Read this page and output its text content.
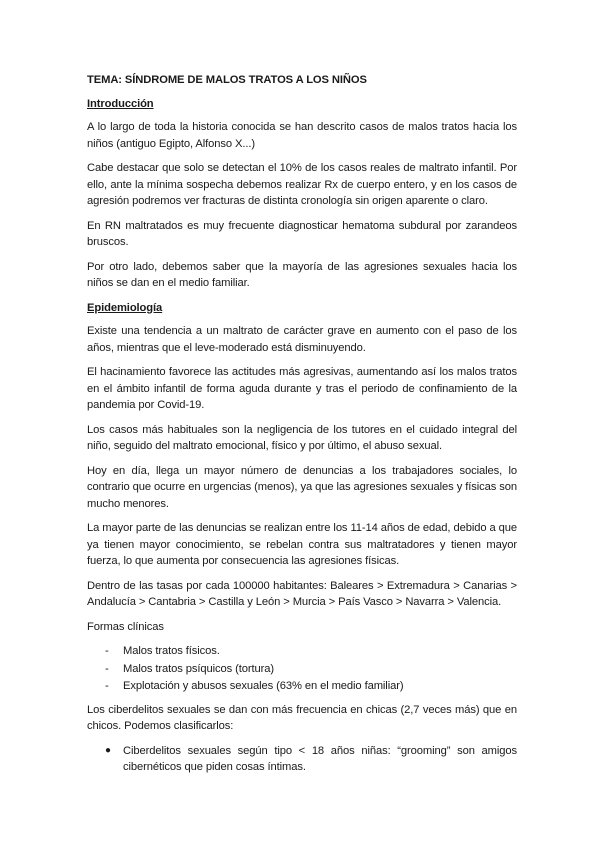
TEMA: SÍNDROME DE MALOS TRATOS A LOS NIÑOS
Introducción

A lo largo de toda la historia conocida se han descrito casos de malos tratos hacia los niños (antiguo Egipto, Alfonso X...)

Cabe destacar que solo se detectan el 10% de los casos reales de maltrato infantil. Por ello, ante la mínima sospecha debemos realizar Rx de cuerpo entero, y en los casos de agresión podremos ver fracturas de distinta cronología sin origen aparente o claro.

En RN maltratados es muy frecuente diagnosticar hematoma subdural por zarandeos bruscos.

Por otro lado, debemos saber que la mayoría de las agresiones sexuales hacia los niños se dan en el medio familiar.

Epidemiología

Existe una tendencia a un maltrato de carácter grave en aumento con el paso de los años, mientras que el leve-moderado está disminuyendo.

El hacinamiento favorece las actitudes más agresivas, aumentando así los malos tratos en el ámbito infantil de forma aguda durante y tras el periodo de confinamiento de la pandemia por Covid-19.

Los casos más habituales son la negligencia de los tutores en el cuidado integral del niño, seguido del maltrato emocional, físico y por último, el abuso sexual.

Hoy en día, llega un mayor número de denuncias a los trabajadores sociales, lo contrario que ocurre en urgencias (menos), ya que las agresiones sexuales y físicas son mucho menores.

La mayor parte de las denuncias se realizan entre los 11-14 años de edad, debido a que ya tienen mayor conocimiento, se rebelan contra sus maltratadores y tienen mayor fuerza, lo que aumenta por consecuencia las agresiones físicas.

Dentro de las tasas por cada 100000 habitantes: Baleares > Extremadura > Canarias > Andalucía > Cantabria > Castilla y León > Murcia > País Vasco > Navarra > Valencia.

Formas clínicas

- Malos tratos físicos.
- Malos tratos psíquicos (tortura)
- Explotación y abusos sexuales (63% en el medio familiar)

Los ciberdelitos sexuales se dan con más frecuencia en chicas (2,7 veces más) que en chicos. Podemos clasificarlos:

● Ciberdelitos sexuales según tipo < 18 años niñas: “grooming” son amigos cibernéticos que piden cosas íntimas.
